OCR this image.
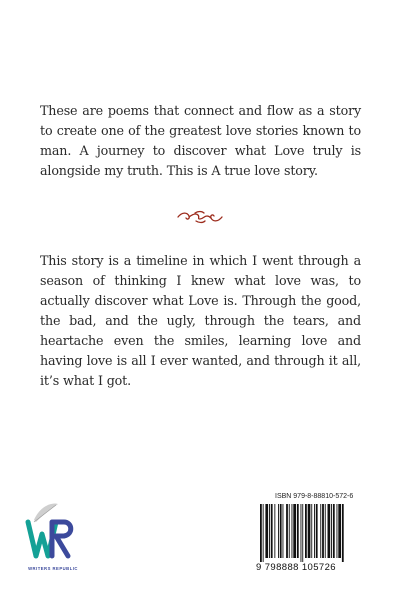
These are poems that connect and flow as a story to create one of the greatest love stories known to man. A journey to discover what Love truly is alongside my truth. This is A true love story.

This story is a timeline in which I went through a season of thinking I knew what love was, to actually discover what Love is. Through the good, the bad, and the ugly, through the tears, and heartache even the smiles, learning love and having love is all I ever wanted, and through it all, it’s what I got.

WRITERS REPUBLIC

ISBN 979-8-88810-572-6

9 798888 105726
